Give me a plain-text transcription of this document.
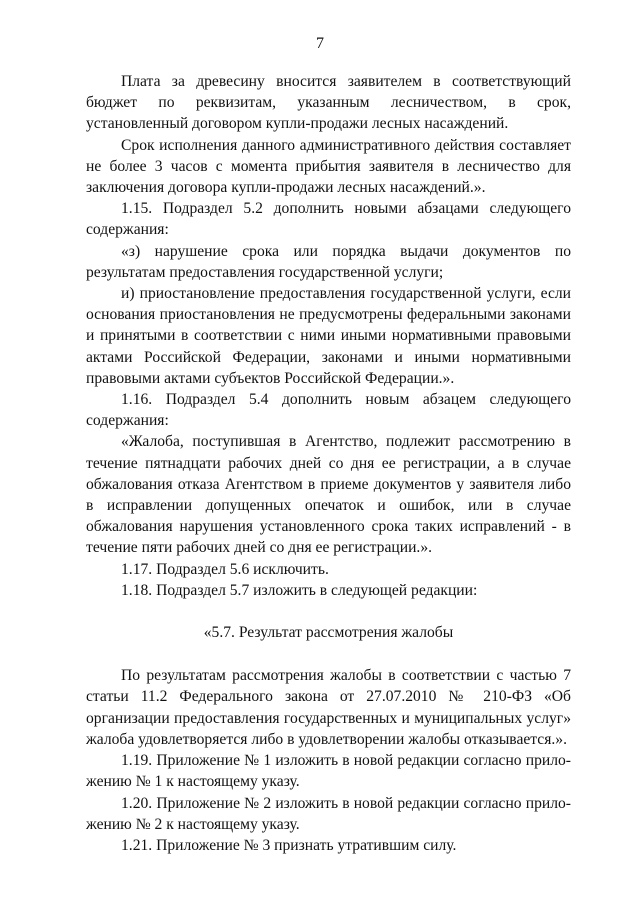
7

Плата за древесину вносится заявителем в соответствующий бюджет по реквизитам, указанным лесничеством, в срок, установленный договором купли-продажи лесных насаждений.

Срок исполнения данного административного действия составляет не более 3 часов с момента прибытия заявителя в лесничество для заключения договора купли-продажи лесных насаждений.».

1.15. Подраздел 5.2 дополнить новыми абзацами следующего содержания:

«з) нарушение срока или порядка выдачи документов по результатам предоставления государственной услуги;

и) приостановление предоставления государственной услуги, если основания приостановления не предусмотрены федеральными законами и принятыми в соответствии с ними иными нормативными правовыми актами Российской Федерации, законами и иными нормативными правовыми актами субъектов Российской Федерации.».

1.16. Подраздел 5.4 дополнить новым абзацем следующего содержания:

«Жалоба, поступившая в Агентство, подлежит рассмотрению в течение пятнадцати рабочих дней со дня ее регистрации, а в случае обжалования отказа Агентством в приеме документов у заявителя либо в исправлении допущенных опечаток и ошибок, или в случае обжалования нарушения установленного срока таких исправлений - в течение пяти рабочих дней со дня ее регистрации.».

1.17. Подраздел 5.6 исключить.

1.18. Подраздел 5.7 изложить в следующей редакции:

«5.7. Результат рассмотрения жалобы

По результатам рассмотрения жалобы в соответствии с частью 7 статьи 11.2 Федерального закона от 27.07.2010 № 210-ФЗ «Об организации предоставления государственных и муниципальных услуг» жалоба удовлетворяется либо в удовлетворении жалобы отказывается.».

1.19. Приложение № 1 изложить в новой редакции согласно приложению № 1 к настоящему указу.

1.20. Приложение № 2 изложить в новой редакции согласно приложению № 2 к настоящему указу.

1.21. Приложение № 3 признать утратившим силу.
